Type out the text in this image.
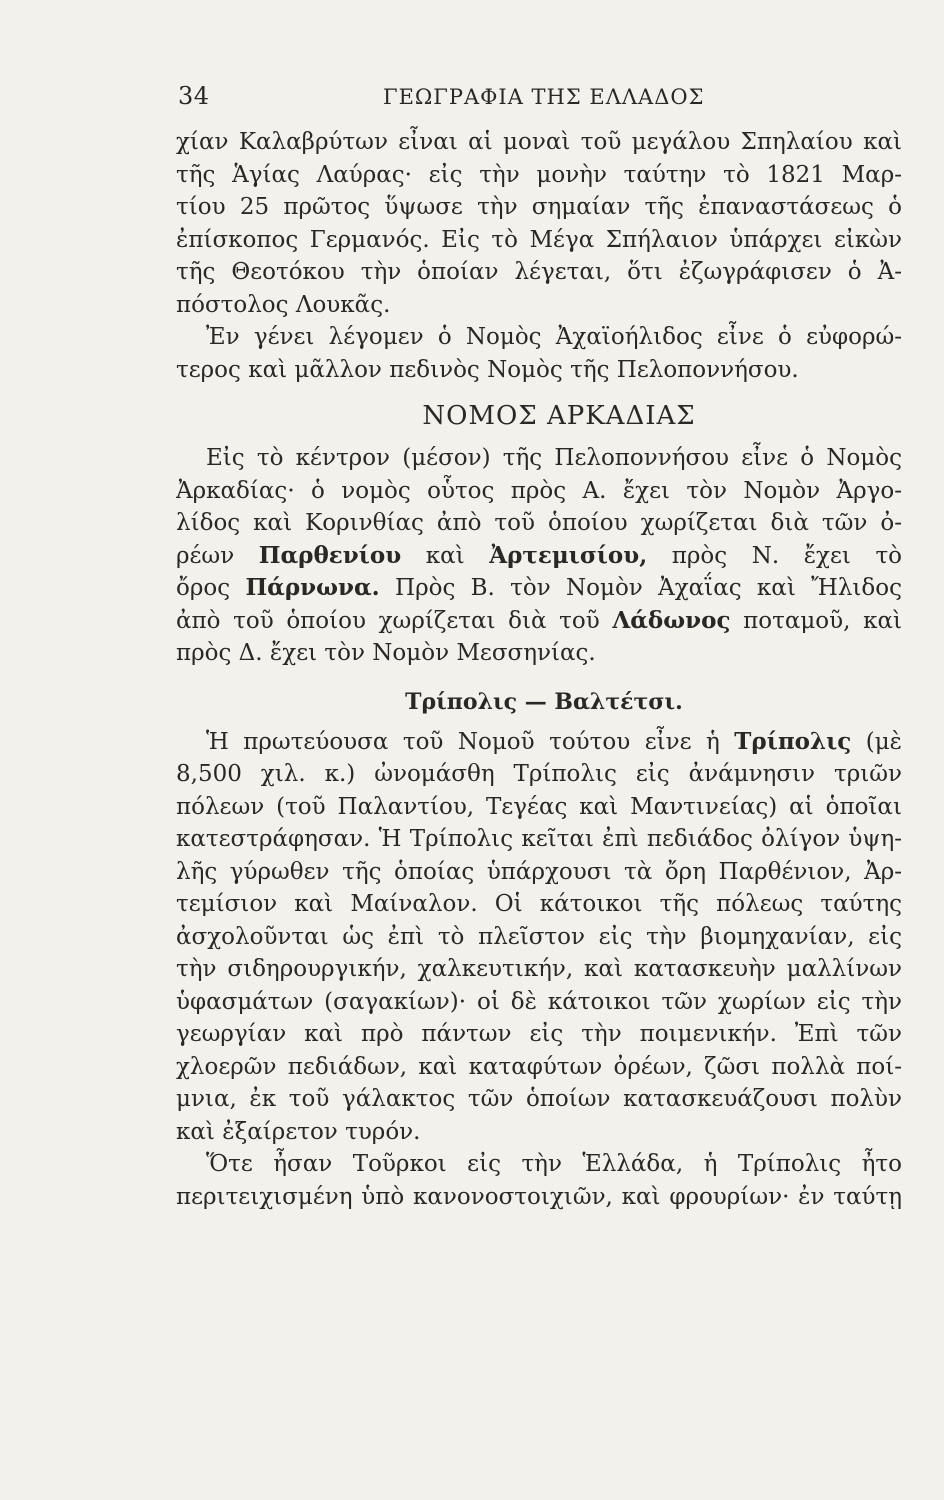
34	ΓΕΩΓΡΑΦΙΑ ΤΗΣ ΕΛΛΑΔΟΣ
χίαν Καλαβρύτων εἶναι αἱ μοναὶ τοῦ μεγάλου Σπηλαίου καὶ
τῆς Ἁγίας Λαύρας· εἰς τὴν μονὴν ταύτην τὸ 1821 Μαρ-
τίου 25 πρῶτος ὕψωσε τὴν σημαίαν τῆς ἐπαναστάσεως ὁ
ἐπίσκοπος Γερμανός. Εἰς τὸ Μέγα Σπήλαιον ὑπάρχει εἰκὼν
τῆς Θεοτόκου τὴν ὁποίαν λέγεται, ὅτι ἐζωγράφισεν ὁ Ἀ-
πόστολος Λουκᾶς.
Ἐν γένει λέγομεν ὁ Νομὸς Ἀχαϊοήλιδος εἶνε ὁ εὐφορώ-
τερος καὶ μᾶλλον πεδινὸς Νομὸς τῆς Πελοποννήσου.
ΝΟΜΟΣ ΑΡΚΑΔΙΑΣ
Εἰς τὸ κέντρον (μέσον) τῆς Πελοποννήσου εἶνε ὁ Νομὸς
Ἀρκαδίας· ὁ νομὸς οὗτος πρὸς Α. ἔχει τὸν Νομὸν Ἀργο-
λίδος καὶ Κορινθίας ἀπὸ τοῦ ὁποίου χωρίζεται διὰ τῶν ὀ-
ρέων Παρθενίου καὶ Ἀρτεμισίου, πρὸς Ν. ἔχει τὸ
ὄρος Πάρνωνα. Πρὸς Β. τὸν Νομὸν Ἀχαΐας καὶ Ἤλιδος
ἀπὸ τοῦ ὁποίου χωρίζεται διὰ τοῦ Λάδωνος ποταμοῦ, καὶ
πρὸς Δ. ἔχει τὸν Νομὸν Μεσσηνίας.
Τρίπολις — Βαλτέτσι.
Ἡ πρωτεύουσα τοῦ Νομοῦ τούτου εἶνε ἡ Τρίπολις (μὲ
8,500 χιλ. κ.) ὠνομάσθη Τρίπολις εἰς ἀνάμνησιν τριῶν
πόλεων (τοῦ Παλαντίου, Τεγέας καὶ Μαντινείας) αἱ ὁποῖαι
κατεστράφησαν. Ἡ Τρίπολις κεῖται ἐπὶ πεδιάδος ὀλίγον ὑψη-
λῆς γύρωθεν τῆς ὁποίας ὑπάρχουσι τὰ ὄρη Παρθένιον, Ἀρ-
τεμίσιον καὶ Μαίναλον. Οἱ κάτοικοι τῆς πόλεως ταύτης
ἀσχολοῦνται ὡς ἐπὶ τὸ πλεῖστον εἰς τὴν βιομηχανίαν, εἰς
τὴν σιδηρουργικήν, χαλκευτικήν, καὶ κατασκευὴν μαλλίνων
ὑφασμάτων (σαγακίων)· οἱ δὲ κάτοικοι τῶν χωρίων εἰς τὴν
γεωργίαν καὶ πρὸ πάντων εἰς τὴν ποιμενικήν. Ἐπὶ τῶν
χλοερῶν πεδιάδων, καὶ καταφύτων ὀρέων, ζῶσι πολλὰ ποί-
μνια, ἐκ τοῦ γάλακτος τῶν ὁποίων κατασκευάζουσι πολὺν
καὶ ἐξαίρετον τυρόν.
Ὅτε ἦσαν Τοῦρκοι εἰς τὴν Ἑλλάδα, ἡ Τρίπολις ἦτο
περιτειχισμένη ὑπὸ κανονοστοιχιῶν, καὶ φρουρίων· ἐν ταύτῃ
